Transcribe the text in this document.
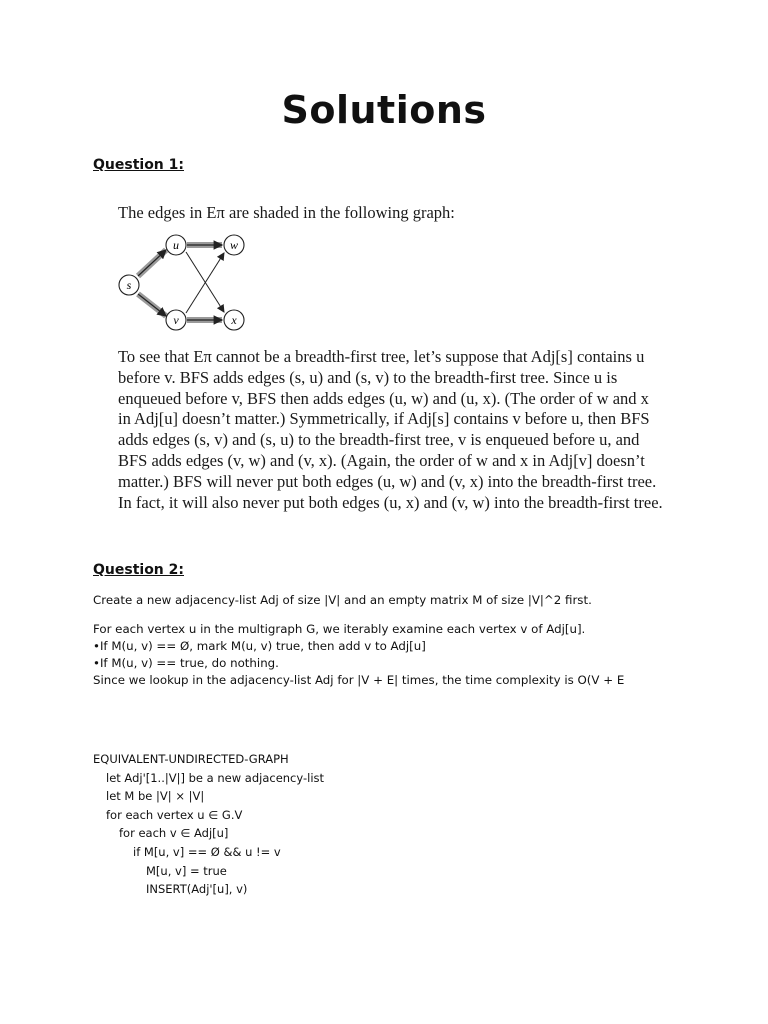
Solutions
Question 1:
The edges in Eπ are shaded in the following graph:
u	w
s
v	x
To see that Eπ cannot be a breadth-first tree, let’s suppose that Adj[s] contains u
before v. BFS adds edges (s, u) and (s, v) to the breadth-first tree. Since u is
enqueued before v, BFS then adds edges (u, w) and (u, x). (The order of w and x
in Adj[u] doesn’t matter.) Symmetrically, if Adj[s] contains v before u, then BFS
adds edges (s, v) and (s, u) to the breadth-first tree, v is enqueued before u, and
BFS adds edges (v, w) and (v, x). (Again, the order of w and x in Adj[v] doesn’t
matter.) BFS will never put both edges (u, w) and (v, x) into the breadth-first tree.
In fact, it will also never put both edges (u, x) and (v, w) into the breadth-first tree.
Question 2:
Create a new adjacency-list Adj of size |V| and an empty matrix M of size |V|^2 first.
For each vertex u in the multigraph G, we iterably examine each vertex v of Adj[u].
•If M(u, v) == Ø, mark M(u, v) true, then add v to Adj[u]
•If M(u, v) == true, do nothing.
Since we lookup in the adjacency-list Adj for |V + E| times, the time complexity is O(V + E
EQUIVALENT-UNDIRECTED-GRAPH
let Adj'[1..|V|] be a new adjacency-list
let M be |V| × |V|
for each vertex u ∈ G.V
for each v ∈ Adj[u]
if M[u, v] == Ø && u != v
M[u, v] = true
INSERT(Adj'[u], v)
